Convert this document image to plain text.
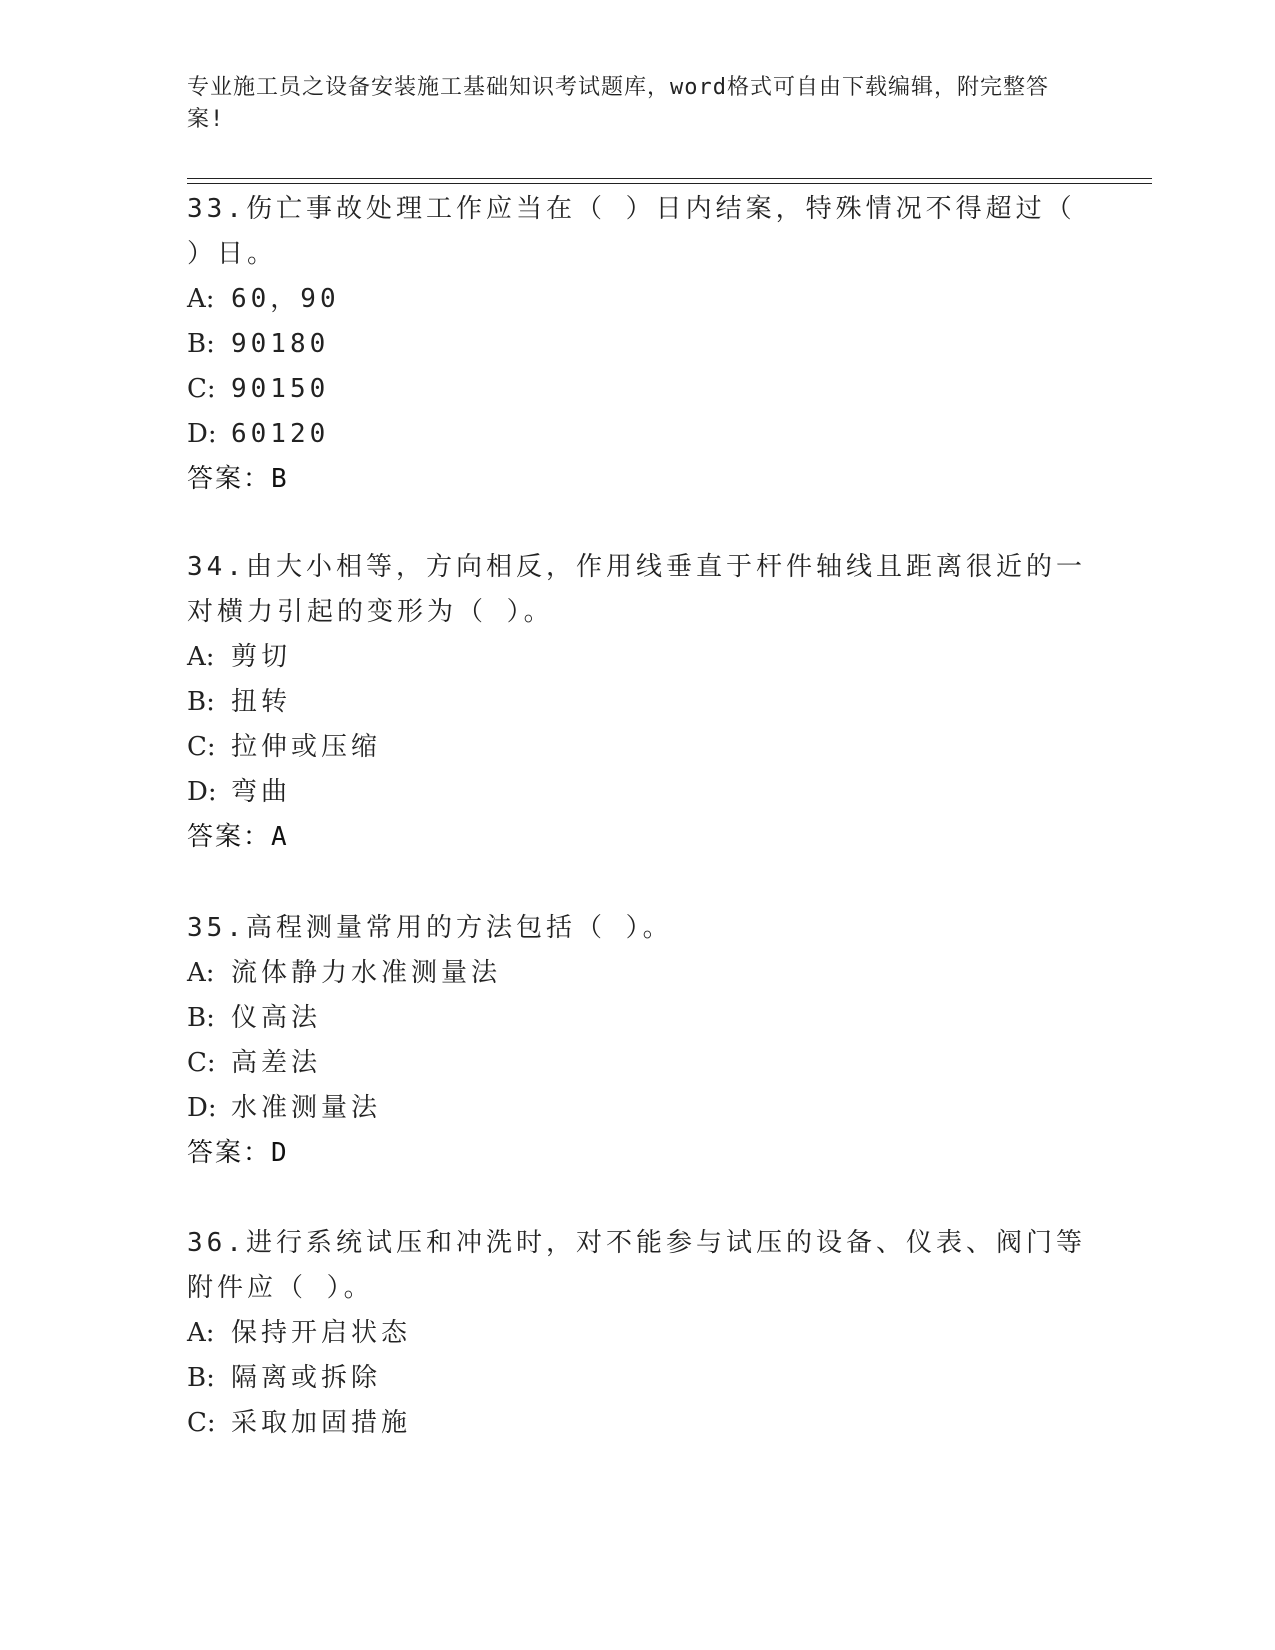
专业施工员之设备安装施工基础知识考试题库，word格式可自由下载编辑，附完整答案!
33.伤亡事故处理工作应当在（ ）日内结案，特殊情况不得超过（ ）日。
A: 60，90
B: 90180
C: 90150
D: 60120
答案：B
34.由大小相等，方向相反，作用线垂直于杆件轴线且距离很近的一对横力引起的变形为（ ）。
A: 剪切
B: 扭转
C: 拉伸或压缩
D: 弯曲
答案：A
35.高程测量常用的方法包括（ ）。
A: 流体静力水准测量法
B: 仪高法
C: 高差法
D: 水准测量法
答案：D
36.进行系统试压和冲洗时，对不能参与试压的设备、仪表、阀门等附件应（ ）。
A: 保持开启状态
B: 隔离或拆除
C: 采取加固措施
